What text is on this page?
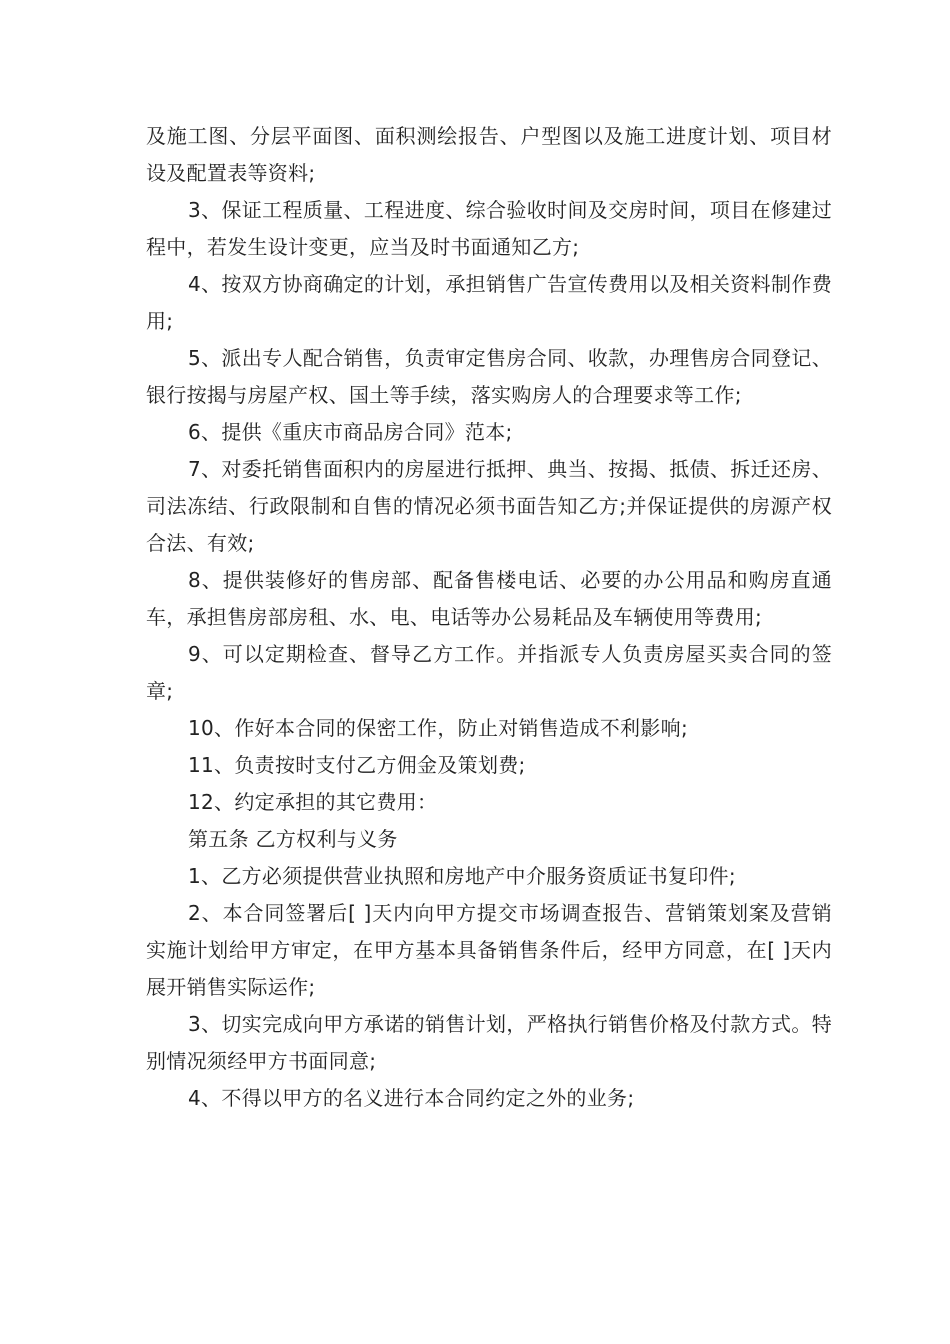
及施工图、分层平面图、面积测绘报告、户型图以及施工进度计划、项目材设及配置表等资料;

3、保证工程质量、工程进度、综合验收时间及交房时间，项目在修建过程中，若发生设计变更，应当及时书面通知乙方;

4、按双方协商确定的计划，承担销售广告宣传费用以及相关资料制作费用;

5、派出专人配合销售，负责审定售房合同、收款，办理售房合同登记、银行按揭与房屋产权、国土等手续，落实购房人的合理要求等工作;

6、提供《重庆市商品房合同》范本;

7、对委托销售面积内的房屋进行抵押、典当、按揭、抵债、拆迁还房、司法冻结、行政限制和自售的情况必须书面告知乙方;并保证提供的房源产权合法、有效;

8、提供装修好的售房部、配备售楼电话、必要的办公用品和购房直通车，承担售房部房租、水、电、电话等办公易耗品及车辆使用等费用;

9、可以定期检查、督导乙方工作。并指派专人负责房屋买卖合同的签章;

10、作好本合同的保密工作，防止对销售造成不利影响;

11、负责按时支付乙方佣金及策划费;

12、约定承担的其它费用：

第五条 乙方权利与义务

1、乙方必须提供营业执照和房地产中介服务资质证书复印件;

2、本合同签署后[ ]天内向甲方提交市场调查报告、营销策划案及营销实施计划给甲方审定，在甲方基本具备销售条件后，经甲方同意，在[ ]天内展开销售实际运作;

3、切实完成向甲方承诺的销售计划，严格执行销售价格及付款方式。特别情况须经甲方书面同意;

4、不得以甲方的名义进行本合同约定之外的业务;
